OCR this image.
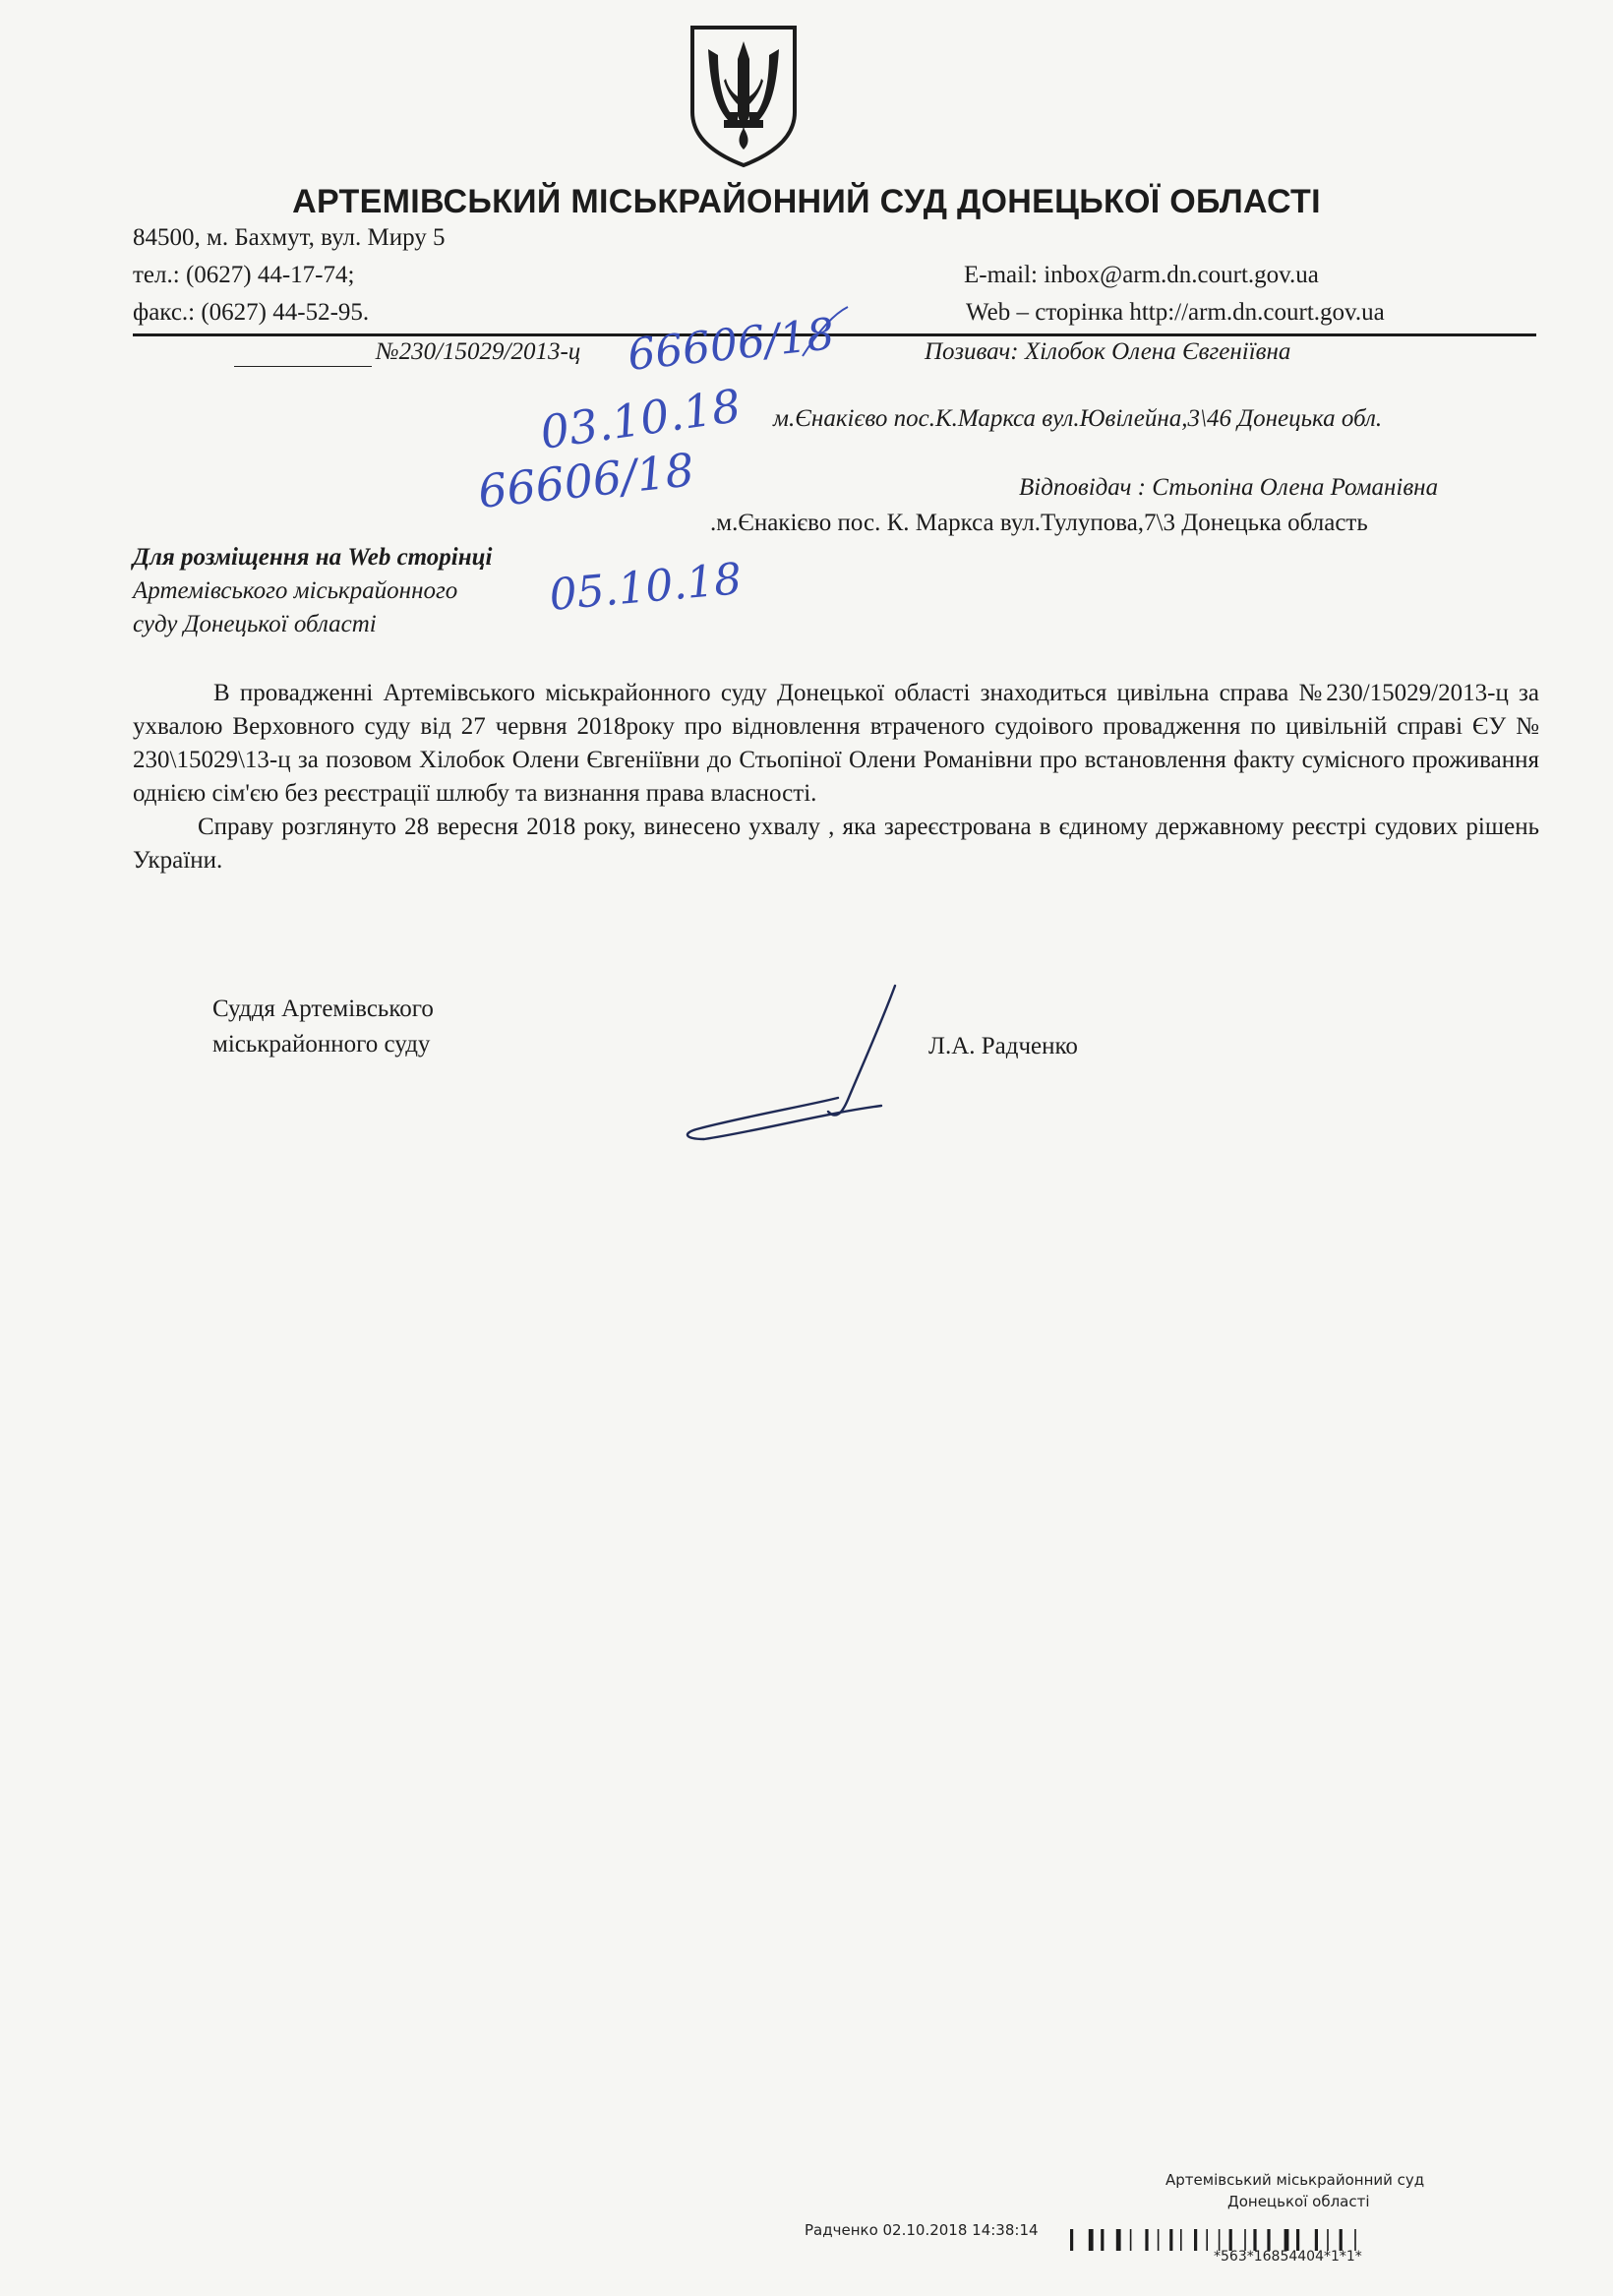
АРТЕМІВСЬКИЙ МІСЬКРАЙОННИЙ СУД ДОНЕЦЬКОЇ ОБЛАСТІ
84500, м. Бахмут, вул. Миру 5
тел.: (0627) 44-17-74;
факс.: (0627) 44-52-95.
E-mail: inbox@arm.dn.court.gov.ua
Web – сторінка http://arm.dn.court.gov.ua
№230/15029/2013-ц	Позивач: Хілобок Олена Євгеніївна
м.Єнакієво пос.К.Маркса вул.Ювілейна,3\46 Донецька обл.
Відповідач : Стьопіна Олена Романівна
.м.Єнакієво пос. К. Маркса вул.Тулупова,7\3 Донецька область
Для розміщення на Web сторінці
Артемівського міськрайонного
суду Донецької області

В провадженні Артемівського міськрайонного суду Донецької області знаходиться цивільна справа №230/15029/2013-ц за ухвалою Верховного суду від 27 червня 2018року про відновлення втраченого судоівого провадження по цивільній справі ЄУ № 230\15029\13-ц за позовом Хілобок Олени Євгеніївни до Стьопіної Олени Романівни про встановлення факту сумісного проживання однією сім'єю без реєстрації шлюбу та визнання права власності.

Справу розглянуто 28 вересня 2018 року, винесено ухвалу , яка зареєстрована в єдиному державному реєстрі судових рішень України.

Суддя Артемівського
міськрайонного суду	Л.А. Радченко
66606/18
03.10.18
66606/18
05.10.18
Артемівський міськрайонний суд
Донецької області
Радченко 02.10.2018 14:38:14
*563*16854404*1*1*
